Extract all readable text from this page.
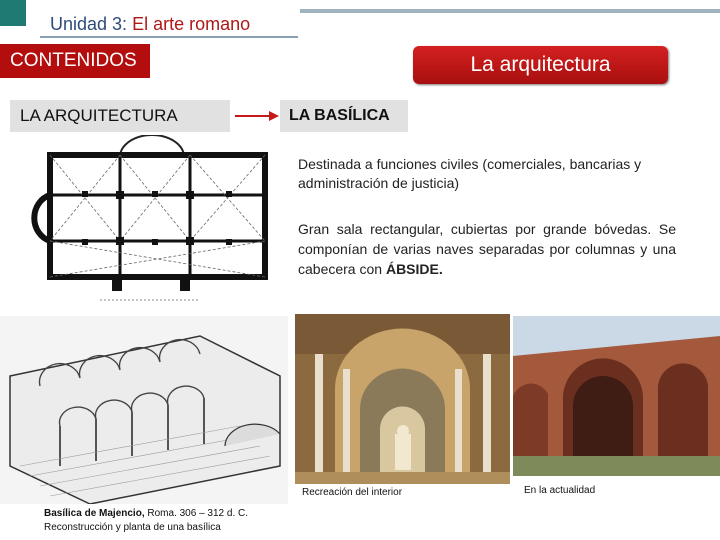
Unidad 3: El arte romano
CONTENIDOS	La arquitectura
LA ARQUITECTURA	LA BASÍLICA
Destinada a funciones civiles (comerciales, bancarias y administración de justicia)
Gran sala rectangular, cubiertas por grande bóvedas. Se componían de varias naves separadas por columnas y una cabecera con ÁBSIDE.
Recreación del interior	En la actualidad
Basílica de Majencio, Roma. 306 – 312 d. C.
Reconstrucción y planta de una basílica
